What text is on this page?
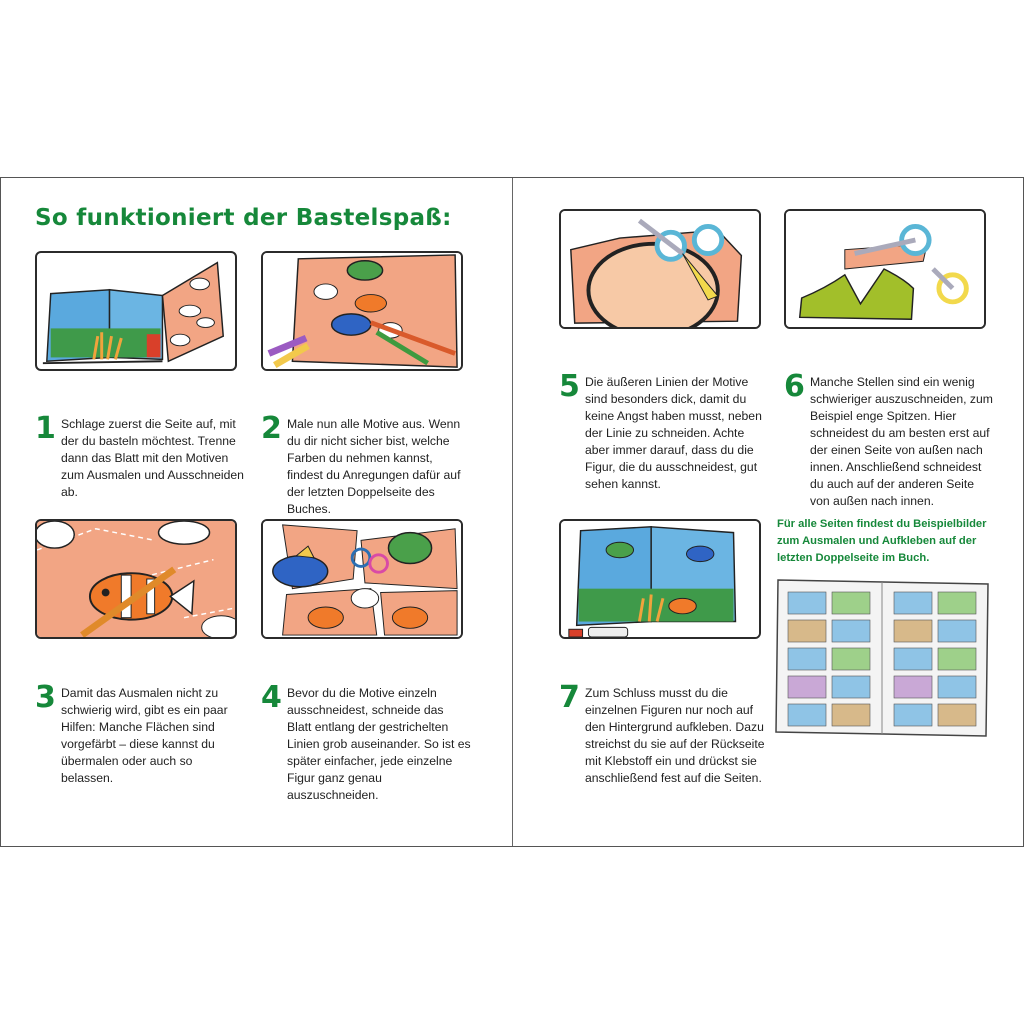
So funktioniert der Bastelspaß:
1 Schlage zuerst die Seite auf, mit der du basteln möchtest. Trenne dann das Blatt mit den Motiven zum Ausmalen und Ausschneiden ab.

2 Male nun alle Motive aus. Wenn du dir nicht sicher bist, welche Farben du nehmen kannst, findest du Anregungen dafür auf der letzten Doppelseite des Buches.

3 Damit das Ausmalen nicht zu schwierig wird, gibt es ein paar Hilfen: Manche Flächen sind vorgefärbt – diese kannst du übermalen oder auch so belassen.

4 Bevor du die Motive einzeln ausschneidest, schneide das Blatt entlang der gestrichelten Linien grob auseinander. So ist es später einfacher, jede einzelne Figur ganz genau auszuschneiden.

5 Die äußeren Linien der Motive sind besonders dick, damit du keine Angst haben musst, neben der Linie zu schneiden. Achte aber immer darauf, dass du die Figur, die du ausschneidest, gut sehen kannst.

6 Manche Stellen sind ein wenig schwieriger auszuschneiden, zum Beispiel enge Spitzen. Hier schneidest du am besten erst auf der einen Seite von außen nach innen. Anschließend schneidest du auch auf der anderen Seite von außen nach innen.

7 Zum Schluss musst du die einzelnen Figuren nur noch auf den Hintergrund aufkleben. Dazu streichst du sie auf der Rückseite mit Klebstoff ein und drückst sie anschließend fest auf die Seiten.

Für alle Seiten findest du Beispielbilder zum Ausmalen und Aufkleben auf der letzten Doppelseite im Buch.
